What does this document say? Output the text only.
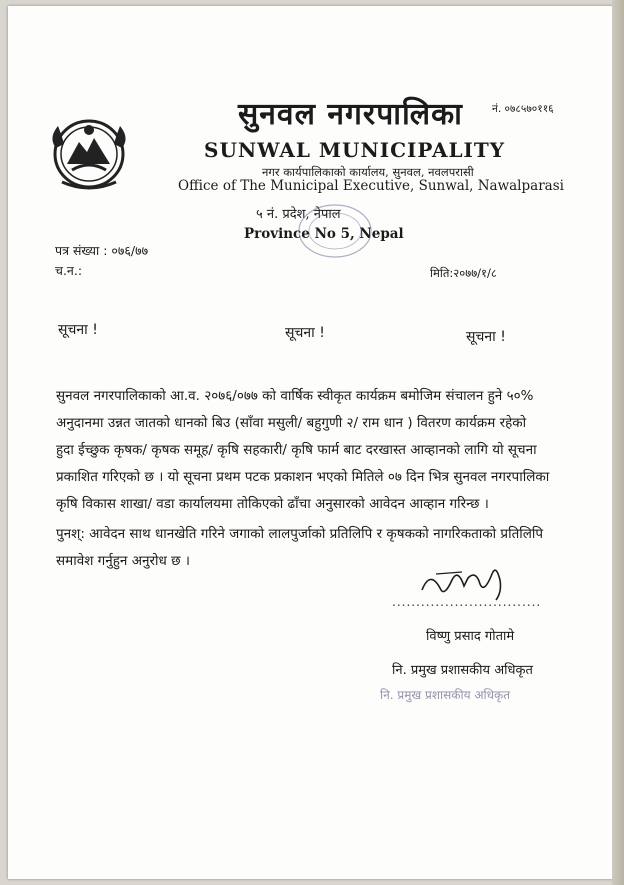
सुनवल नगरपालिका	नं. ०७८५७०११६
SUNWAL MUNICIPALITY
नगर कार्यपालिकाको कार्यालय, सुनवल, नवलपरासी
Office of The Municipal Executive, Sunwal, Nawalparasi
५ नं. प्रदेश, नेपाल
Province No 5, Nepal
पत्र संख्या : ०७६/७७
च.न.:	मिति:२०७७/१/८
सूचना !	सूचना !	सूचना !
सुनवल नगरपालिकाको आ.व. २०७६/०७७ को वार्षिक स्वीकृत कार्यक्रम बमोजिम संचालन हुने ५०%
अनुदानमा उन्नत जातको धानको बिउ (साँवा मसुली/ बहुगुणी २/ राम धान ) वितरण कार्यक्रम रहेको
हुदा ईच्छुक कृषक/ कृषक समूह/ कृषि सहकारी/ कृषि फार्म बाट दरखास्त आव्हानको लागि यो सूचना
प्रकाशित गरिएको छ । यो सूचना प्रथम पटक प्रकाशन भएको मितिले ०७ दिन भित्र सुनवल नगरपालिका
कृषि विकास शाखा/ वडा कार्यालयमा तोकिएको ढाँचा अनुसारको आवेदन आव्हान गरिन्छ ।
पुनश्: आवेदन साथ धानखेति गरिने जगाको लालपुर्जाको प्रतिलिपि र कृषकको नागरिकताको प्रतिलिपि
समावेश गर्नुहुन अनुरोध छ ।
...............................
विष्णु प्रसाद गोतामे
नि. प्रमुख प्रशासकीय अधिकृत
नि. प्रमुख प्रशासकीय अधिकृत
